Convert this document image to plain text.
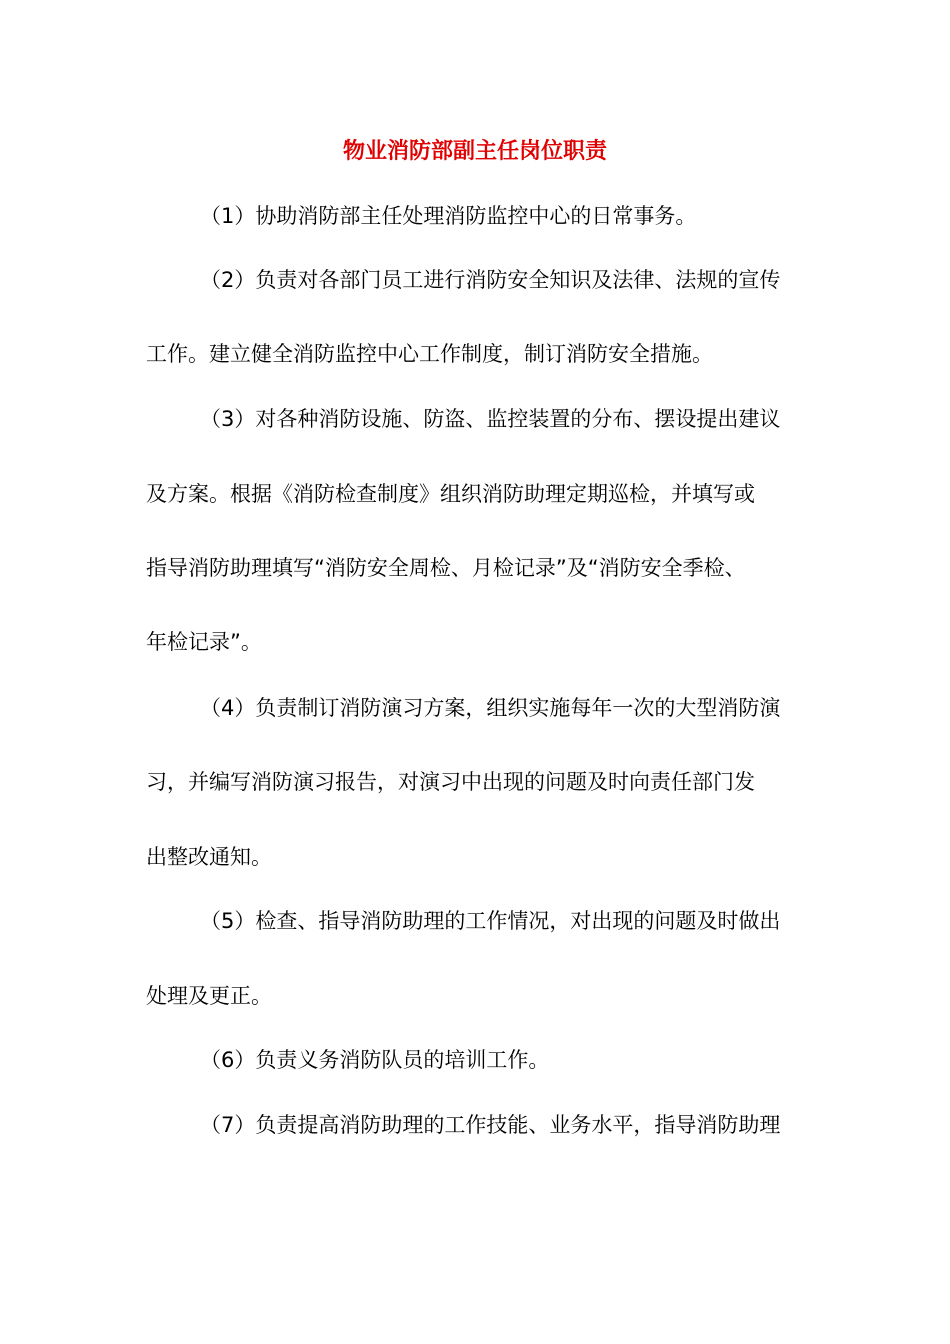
物业消防部副主任岗位职责
（1）协助消防部主任处理消防监控中心的日常事务。
（2）负责对各部门员工进行消防安全知识及法律、法规的宣传
工作。建立健全消防监控中心工作制度，制订消防安全措施。
（3）对各种消防设施、防盗、监控装置的分布、摆设提出建议
及方案。根据《消防检查制度》组织消防助理定期巡检，并填写或
指导消防助理填写“消防安全周检、月检记录”及“消防安全季检、
年检记录”。
（4）负责制订消防演习方案，组织实施每年一次的大型消防演
习，并编写消防演习报告，对演习中出现的问题及时向责任部门发
出整改通知。
（5）检查、指导消防助理的工作情况，对出现的问题及时做出
处理及更正。
（6）负责义务消防队员的培训工作。
（7）负责提高消防助理的工作技能、业务水平，指导消防助理
